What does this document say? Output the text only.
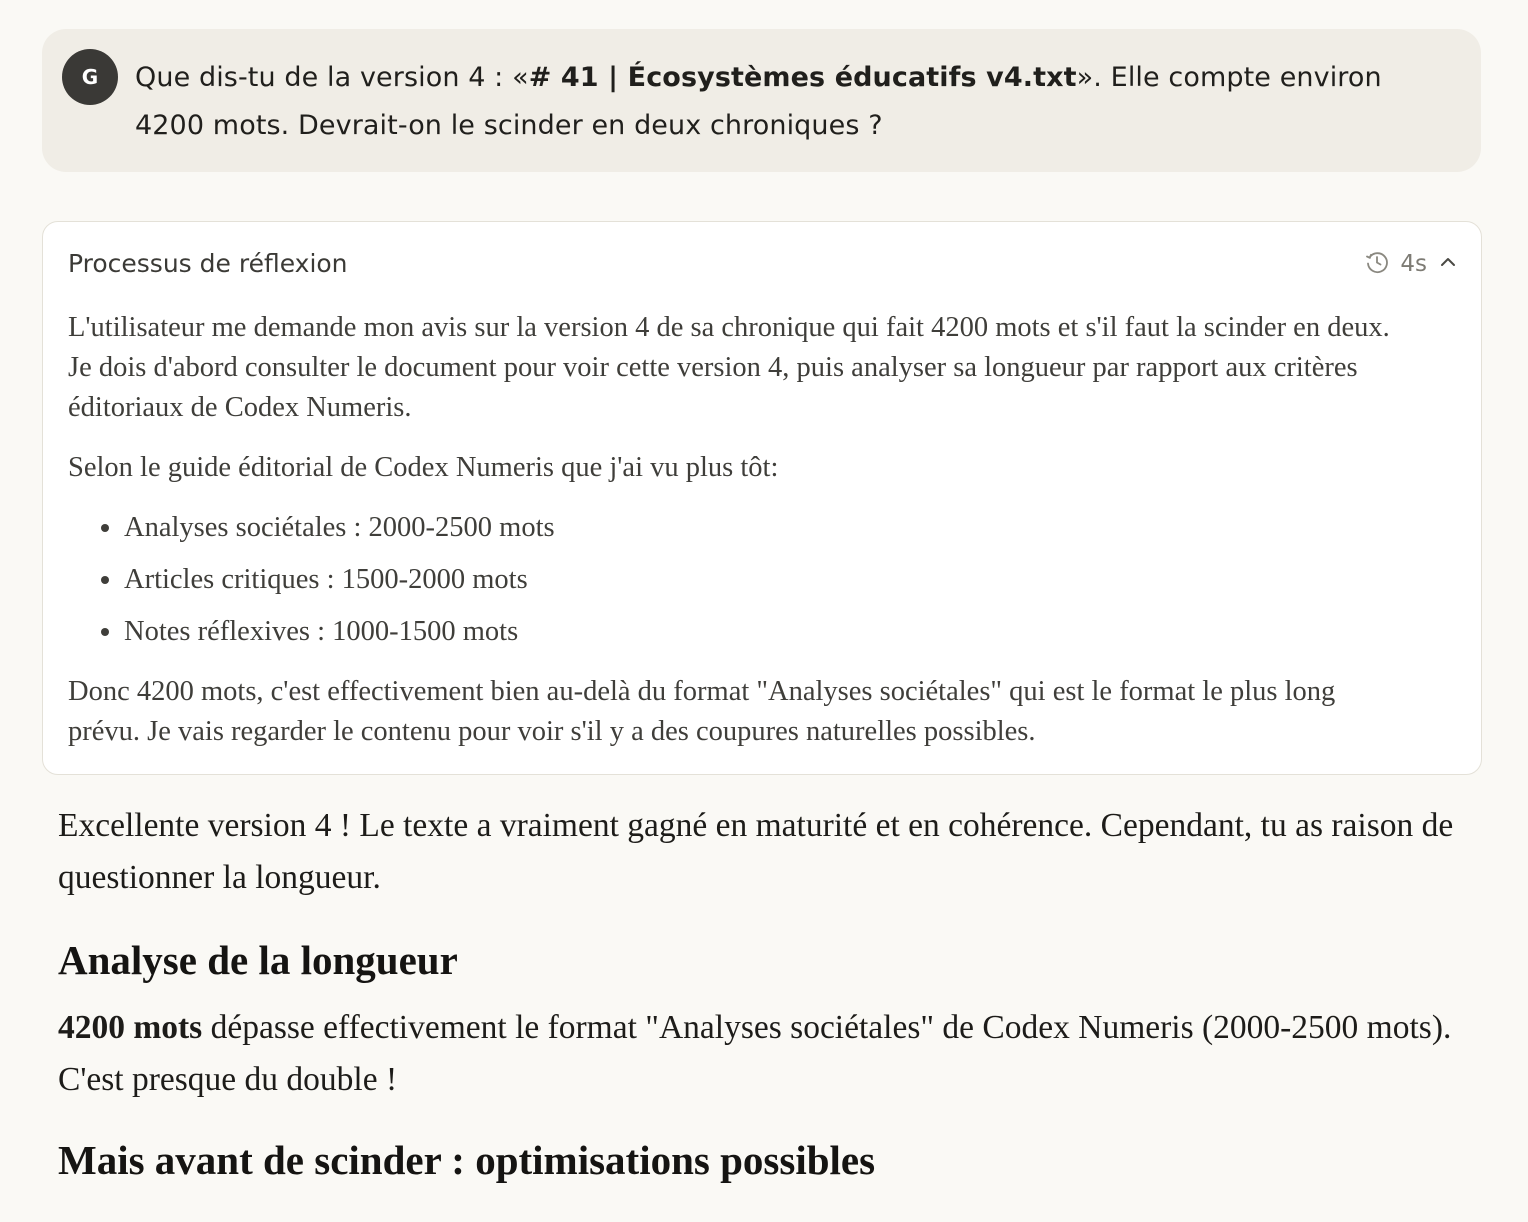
G	Que dis-tu de la version 4 : «# 41 | Écosystèmes éducatifs v4.txt». Elle compte environ 4200 mots. Devrait-on le scinder en deux chroniques ?
Processus de réflexion	4s

L'utilisateur me demande mon avis sur la version 4 de sa chronique qui fait 4200 mots et s'il faut la scinder en deux. Je dois d'abord consulter le document pour voir cette version 4, puis analyser sa longueur par rapport aux critères éditoriaux de Codex Numeris.

Selon le guide éditorial de Codex Numeris que j'ai vu plus tôt:

• Analyses sociétales : 2000-2500 mots
• Articles critiques : 1500-2000 mots
• Notes réflexives : 1000-1500 mots

Donc 4200 mots, c'est effectivement bien au-delà du format "Analyses sociétales" qui est le format le plus long prévu. Je vais regarder le contenu pour voir s'il y a des coupures naturelles possibles.

Excellente version 4 ! Le texte a vraiment gagné en maturité et en cohérence. Cependant, tu as raison de questionner la longueur.

Analyse de la longueur

4200 mots dépasse effectivement le format "Analyses sociétales" de Codex Numeris (2000-2500 mots). C'est presque du double !

Mais avant de scinder : optimisations possibles
